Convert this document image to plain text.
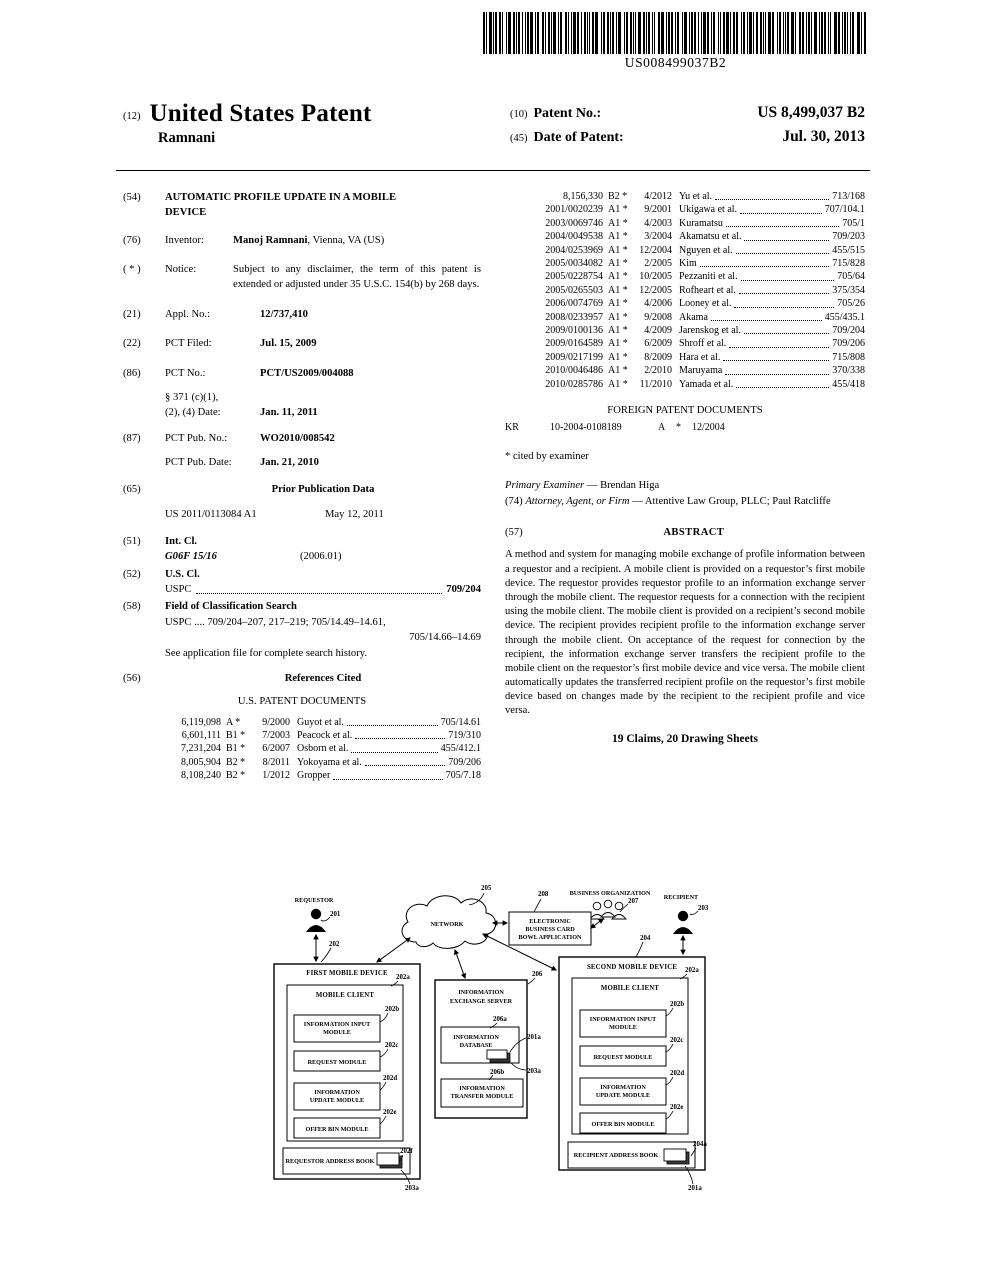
US008499037B2
(12) United States Patent
Ramnani
(10) Patent No.:	US 8,499,037 B2
(45) Date of Patent:	Jul. 30, 2013
(54)	AUTOMATIC PROFILE UPDATE IN A MOBILE DEVICE
(76)	Inventor:	Manoj Ramnani, Vienna, VA (US)
( * )	Notice:	Subject to any disclaimer, the term of this patent is extended or adjusted under 35 U.S.C. 154(b) by 268 days.
(21)	Appl. No.:	12/737,410
(22)	PCT Filed:	Jul. 15, 2009
(86)	PCT No.:	PCT/US2009/004088
§ 371 (c)(1),
(2), (4) Date:	Jan. 11, 2011
(87)	PCT Pub. No.:	WO2010/008542
PCT Pub. Date:	Jan. 21, 2010
(65)	Prior Publication Data
US 2011/0113084 A1	May 12, 2011
(51)	Int. Cl.
G06F 15/16	(2006.01)
(52)	U.S. Cl.
USPC	709/204
(58)	Field of Classification Search
USPC .... 709/204–207, 217–219; 705/14.49–14.61,
705/14.66–14.69
See application file for complete search history.
(56)	References Cited
U.S. PATENT DOCUMENTS
6,119,098 A *	9/2000 Guyot et al.	705/14.61
6,601,111 B1 *	7/2003 Peacock et al.	719/310
7,231,204 B1 *	6/2007 Osborn et al.	455/412.1
8,005,904 B2 *	8/2011 Yokoyama et al.	709/206
8,108,240 B2 *	1/2012 Gropper	705/7.18
8,156,330 B2 *	4/2012 Yu et al.	713/168
2001/0020239 A1 *	9/2001 Ukigawa et al.	707/104.1
2003/0069746 A1 *	4/2003 Kuramatsu	705/1
2004/0049538 A1 *	3/2004 Akamatsu et al.	709/203
2004/0253969 A1 *	12/2004 Nguyen et al.	455/515
2005/0034082 A1 *	2/2005 Kim	715/828
2005/0228754 A1 *	10/2005 Pezzaniti et al.	705/64
2005/0265503 A1 *	12/2005 Rofheart et al.	375/354
2006/0074769 A1 *	4/2006 Looney et al.	705/26
2008/0233957 A1 *	9/2008 Akama	455/435.1
2009/0100136 A1 *	4/2009 Jarenskog et al.	709/204
2009/0164589 A1 *	6/2009 Shroff et al.	709/206
2009/0217199 A1 *	8/2009 Hara et al.	715/808
2010/0046486 A1 *	2/2010 Maruyama	370/338
2010/0285786 A1 *	11/2010 Yamada et al.	455/418
FOREIGN PATENT DOCUMENTS
KR	10-2004-0108189	A	*	12/2004
* cited by examiner
Primary Examiner — Brendan Higa
(74) Attorney, Agent, or Firm — Attentive Law Group, PLLC; Paul Ratcliffe
(57)	ABSTRACT
A method and system for managing mobile exchange of profile information between a requestor and a recipient. A mobile client is provided on a requestor’s first mobile device. The requestor provides requestor profile to an information exchange server through the mobile client. The requestor requests for a connection with the recipient using the mobile client. The mobile client is provided on a recipient’s second mobile device. The recipient provides recipient profile to the information exchange server through the mobile client. On acceptance of the request for connection by the recipient, the information exchange server transfers the recipient profile to the mobile client on the requestor’s first mobile device and vice versa. The mobile client automatically updates the transferred recipient profile on the requestor’s first mobile device based on changes made by the recipient to the recipient profile and vice versa.
19 Claims, 20 Drawing Sheets
NETWORK
REQUESTOR
201
RECIPIENT
203
BUSINESS ORGANIZATION
207
205
ELECTRONIC
BUSINESS CARD
BOWL APPLICATION
208
202
FIRST MOBILE DEVICE
MOBILE CLIENT
202a
INFORMATION INPUT
MODULE
202b
REQUEST MODULE
202c
INFORMATION
UPDATE MODULE
202d
OFFER BIN MODULE
202e
REQUESTOR ADDRESS BOOK
202f
203a
INFORMATION
EXCHANGE SERVER
206
INFORMATION
DATABASE
206a
201a
203a
INFORMATION
TRANSFER MODULE
206b
SECOND MOBILE DEVICE
204
MOBILE CLIENT
202a
INFORMATION INPUT
MODULE
202b
REQUEST MODULE
202c
INFORMATION
UPDATE MODULE
202d
OFFER BIN MODULE
202e
RECIPIENT ADDRESS BOOK
204a
201a
